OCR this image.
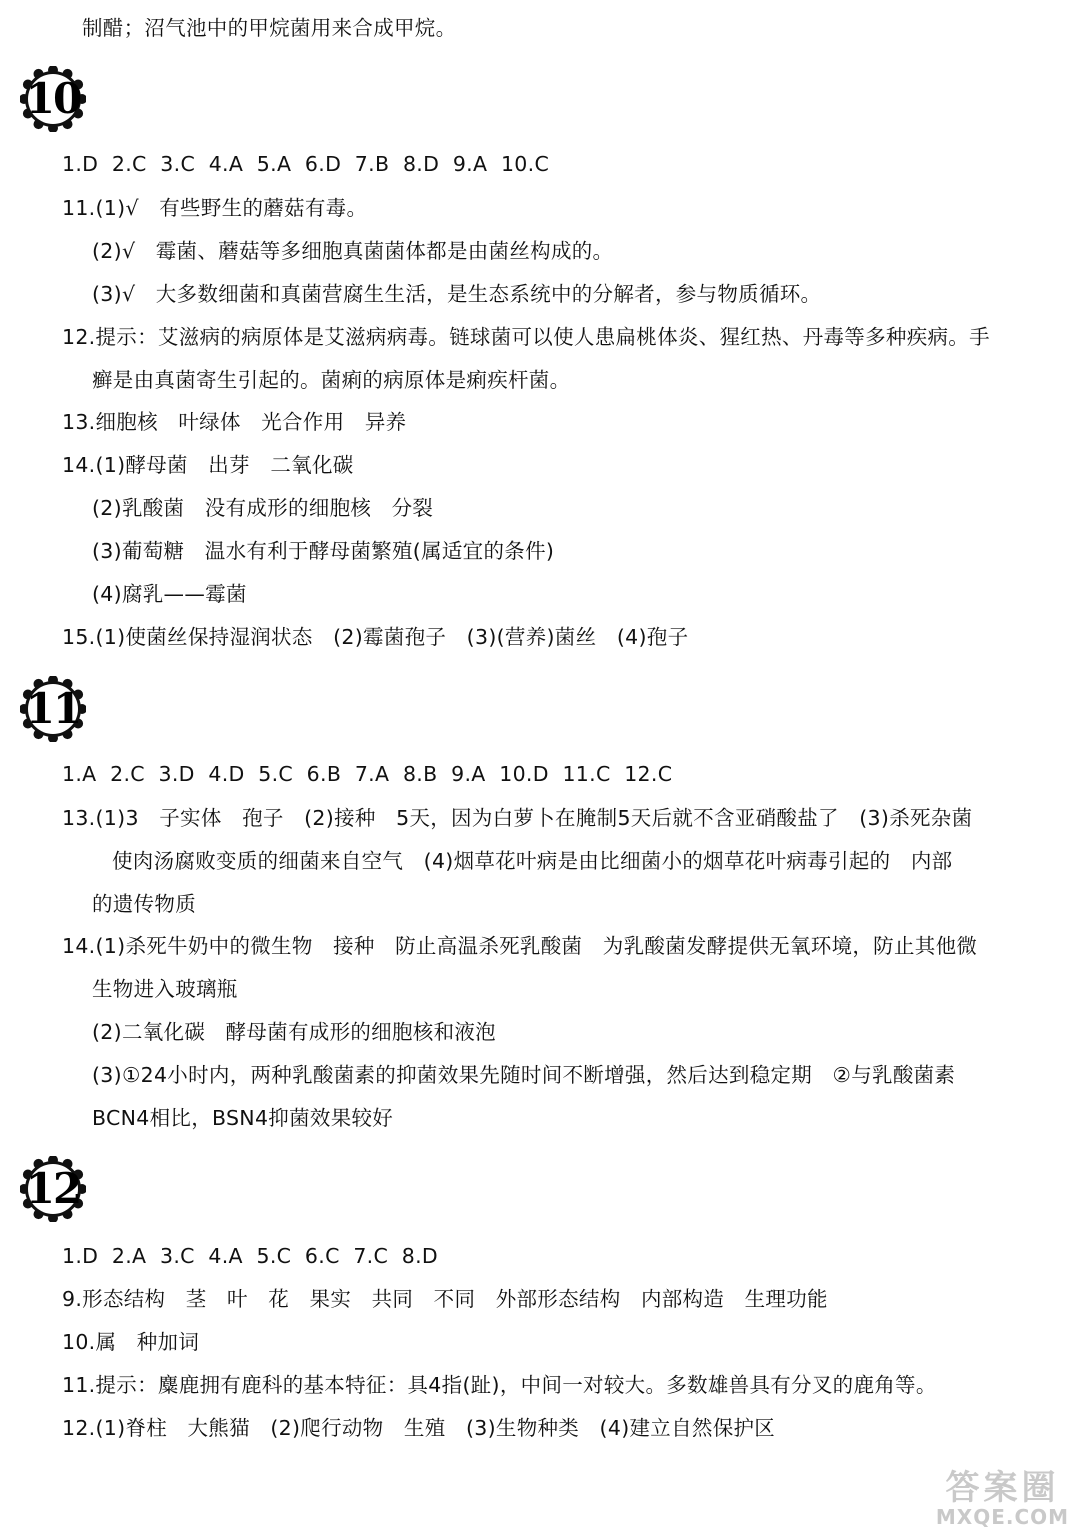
制醋；沼气池中的甲烷菌用来合成甲烷。
10
1.D  2.C  3.C  4.A  5.A  6.D  7.B  8.D  9.A  10.C
11.(1)√   有些野生的蘑菇有毒。
(2)√   霉菌、蘑菇等多细胞真菌菌体都是由菌丝构成的。
(3)√   大多数细菌和真菌营腐生生活，是生态系统中的分解者，参与物质循环。
12.提示：艾滋病的病原体是艾滋病病毒。链球菌可以使人患扁桃体炎、猩红热、丹毒等多种疾病。手
癣是由真菌寄生引起的。菌痢的病原体是痢疾杆菌。
13.细胞核   叶绿体   光合作用   异养
14.(1)酵母菌   出芽   二氧化碳
(2)乳酸菌   没有成形的细胞核   分裂
(3)葡萄糖   温水有利于酵母菌繁殖(属适宜的条件)
(4)腐乳——霉菌
15.(1)使菌丝保持湿润状态   (2)霉菌孢子   (3)(营养)菌丝   (4)孢子
11
1.A  2.C  3.D  4.D  5.C  6.B  7.A  8.B  9.A  10.D  11.C  12.C
13.(1)3   子实体   孢子   (2)接种   5天，因为白萝卜在腌制5天后就不含亚硝酸盐了   (3)杀死杂菌
使肉汤腐败变质的细菌来自空气   (4)烟草花叶病是由比细菌小的烟草花叶病毒引起的   内部
的遗传物质
14.(1)杀死牛奶中的微生物   接种   防止高温杀死乳酸菌   为乳酸菌发酵提供无氧环境，防止其他微
生物进入玻璃瓶
(2)二氧化碳   酵母菌有成形的细胞核和液泡
(3)①24小时内，两种乳酸菌素的抑菌效果先随时间不断增强，然后达到稳定期   ②与乳酸菌素
BCN4相比，BSN4抑菌效果较好
12
1.D  2.A  3.C  4.A  5.C  6.C  7.C  8.D
9.形态结构   茎   叶   花   果实   共同   不同   外部形态结构   内部构造   生理功能
10.属   种加词
11.提示：麋鹿拥有鹿科的基本特征：具4指(趾)，中间一对较大。多数雄兽具有分叉的鹿角等。
12.(1)脊柱   大熊猫   (2)爬行动物   生殖   (3)生物种类   (4)建立自然保护区
答案圈
MXQE.COM
